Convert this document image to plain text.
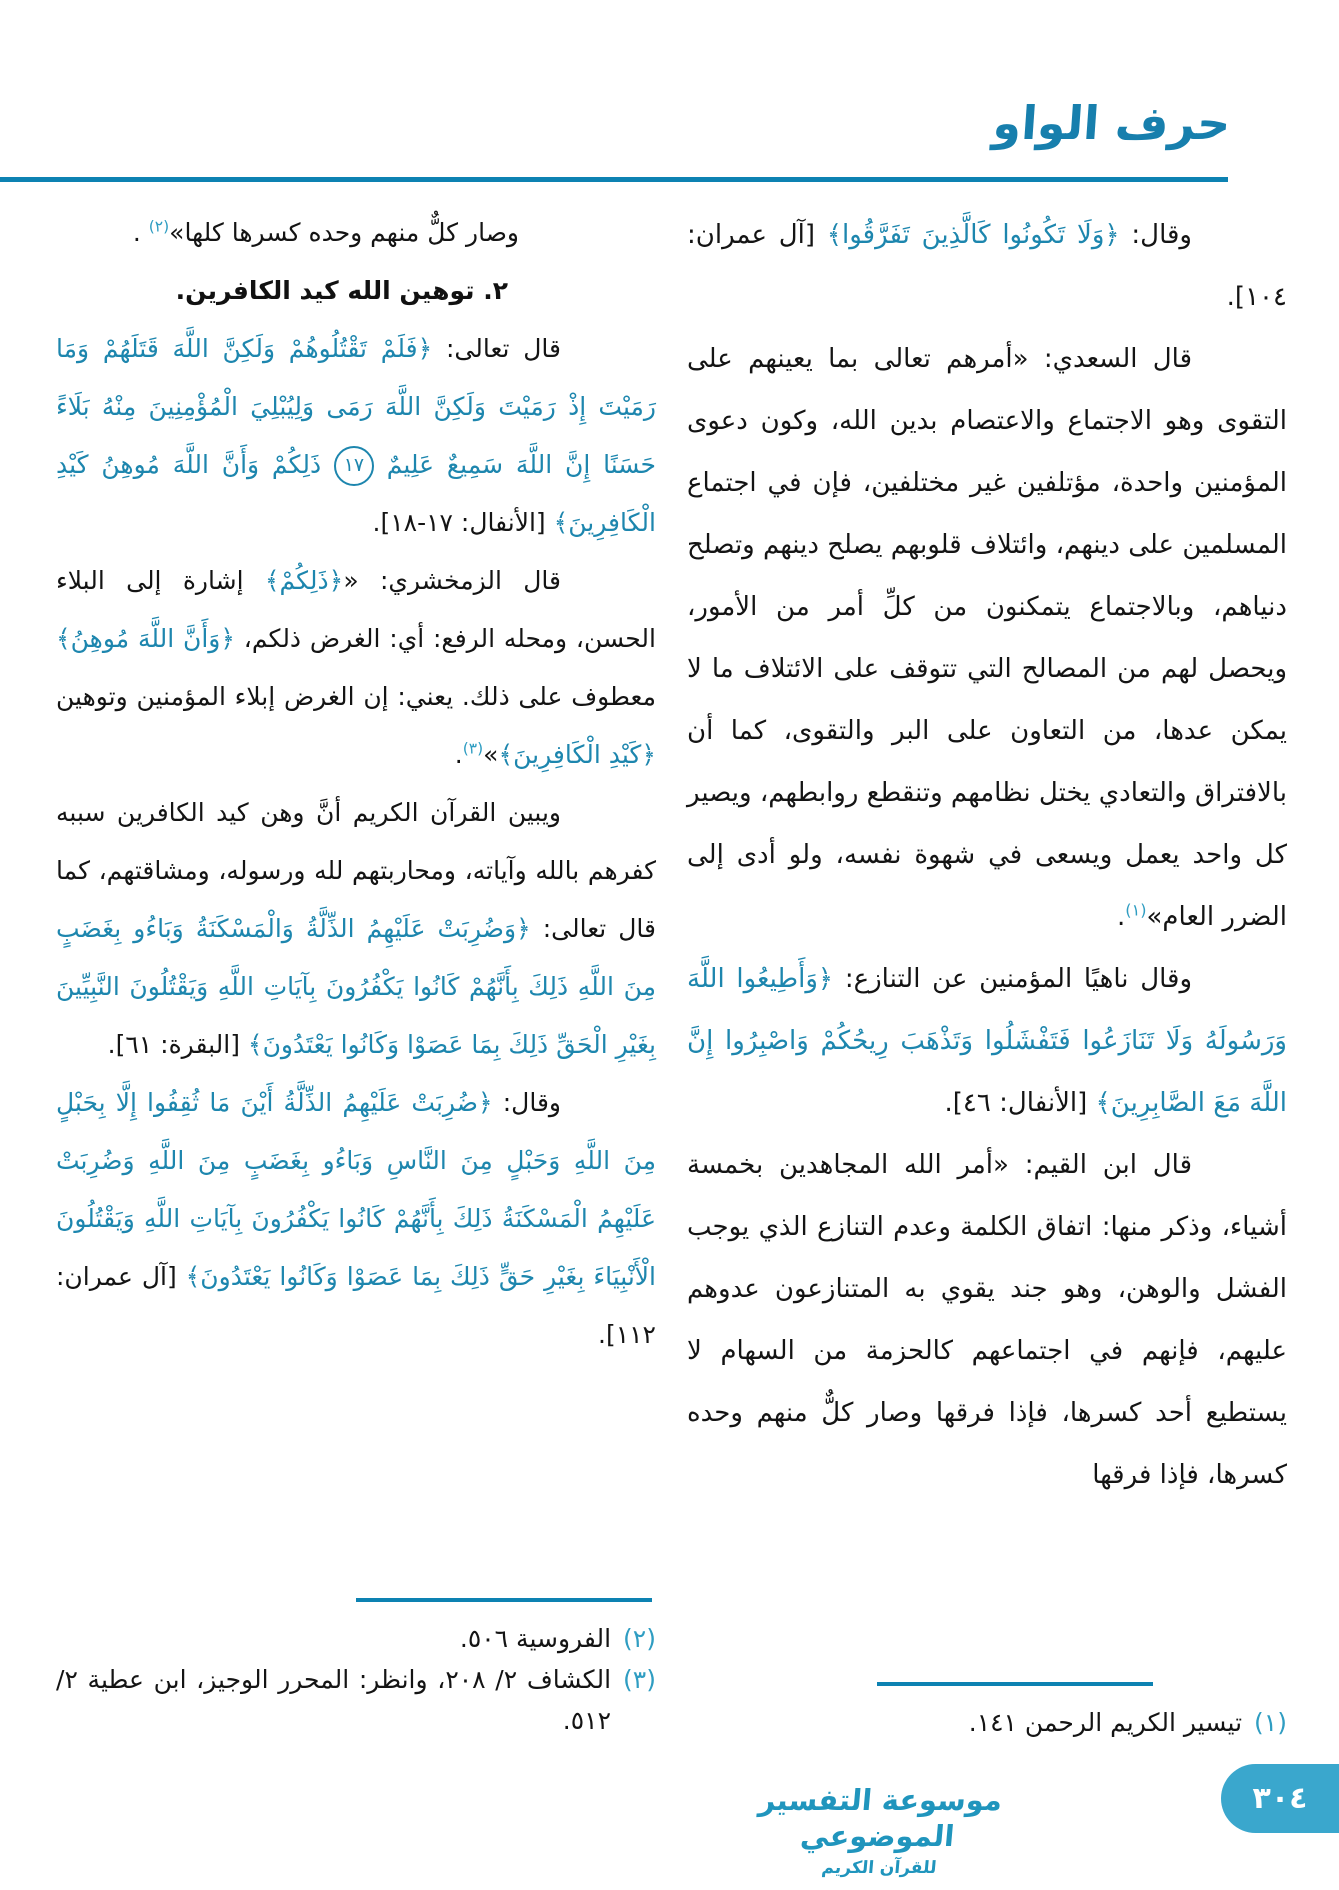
حرف الواو

وقال: ﴿وَلَا تَكُونُوا كَالَّذِينَ تَفَرَّقُوا﴾ [آل عمران: ١٠٤].

قال السعدي: «أمرهم تعالى بما يعينهم على التقوى وهو الاجتماع والاعتصام بدين الله، وكون دعوى المؤمنين واحدة، مؤتلفين غير مختلفين، فإن في اجتماع المسلمين على دينهم، وائتلاف قلوبهم يصلح دينهم وتصلح دنياهم، وبالاجتماع يتمكنون من كلِّ أمر من الأمور، ويحصل لهم من المصالح التي تتوقف على الائتلاف ما لا يمكن عدها، من التعاون على البر والتقوى، كما أن بالافتراق والتعادي يختل نظامهم وتنقطع روابطهم، ويصير كل واحد يعمل ويسعى في شهوة نفسه، ولو أدى إلى الضرر العام»$^{(١)}$.

وقال ناهيًا المؤمنين عن التنازع: ﴿وَأَطِيعُوا اللَّهَ وَرَسُولَهُ وَلَا تَنَازَعُوا فَتَفْشَلُوا وَتَذْهَبَ رِيحُكُمْ وَاصْبِرُوا إِنَّ اللَّهَ مَعَ الصَّابِرِينَ﴾ [الأنفال: ٤٦].

قال ابن القيم: «أمر الله المجاهدين بخمسة أشياء، وذكر منها: اتفاق الكلمة وعدم التنازع الذي يوجب الفشل والوهن، وهو جند يقوي به المتنازعون عدوهم عليهم، فإنهم في اجتماعهم كالحزمة من السهام لا يستطيع أحد كسرها، فإذا فرقها وصار كلٌّ منهم وحده كسرها، فإذا فرقها

وصار كلٌّ منهم وحده كسرها كلها»$^{(٢)}$ .

٢. توهين الله كيد الكافرين.

قال تعالى: ﴿فَلَمْ تَقْتُلُوهُمْ وَلَكِنَّ اللَّهَ قَتَلَهُمْ وَمَا رَمَيْتَ إِذْ رَمَيْتَ وَلَكِنَّ اللَّهَ رَمَى وَلِيُبْلِيَ الْمُؤْمِنِينَ مِنْهُ بَلَاءً حَسَنًا إِنَّ اللَّهَ سَمِيعٌ عَلِيمٌ ١٧ ذَلِكُمْ وَأَنَّ اللَّهَ مُوهِنُ كَيْدِ الْكَافِرِينَ﴾ [الأنفال: ١٧-١٨].

قال الزمخشري: «﴿ذَلِكُمْ﴾ إشارة إلى البلاء الحسن، ومحله الرفع: أي: الغرض ذلكم، ﴿وَأَنَّ اللَّهَ مُوهِنُ﴾ معطوف على ذلك. يعني: إن الغرض إبلاء المؤمنين وتوهين ﴿كَيْدِ الْكَافِرِينَ﴾»$^{(٣)}$.

ويبين القرآن الكريم أنَّ وهن كيد الكافرين سببه كفرهم بالله وآياته، ومحاربتهم لله ورسوله، ومشاقتهم، كما قال تعالى: ﴿وَضُرِبَتْ عَلَيْهِمُ الذِّلَّةُ وَالْمَسْكَنَةُ وَبَاءُو بِغَضَبٍ مِنَ اللَّهِ ذَلِكَ بِأَنَّهُمْ كَانُوا يَكْفُرُونَ بِآيَاتِ اللَّهِ وَيَقْتُلُونَ النَّبِيِّينَ بِغَيْرِ الْحَقِّ ذَلِكَ بِمَا عَصَوْا وَكَانُوا يَعْتَدُونَ﴾ [البقرة: ٦١].

وقال: ﴿ضُرِبَتْ عَلَيْهِمُ الذِّلَّةُ أَيْنَ مَا ثُقِفُوا إِلَّا بِحَبْلٍ مِنَ اللَّهِ وَحَبْلٍ مِنَ النَّاسِ وَبَاءُو بِغَضَبٍ مِنَ اللَّهِ وَضُرِبَتْ عَلَيْهِمُ الْمَسْكَنَةُ ذَلِكَ بِأَنَّهُمْ كَانُوا يَكْفُرُونَ بِآيَاتِ اللَّهِ وَيَقْتُلُونَ الْأَنْبِيَاءَ بِغَيْرِ حَقٍّ ذَلِكَ بِمَا عَصَوْا وَكَانُوا يَعْتَدُونَ﴾ [آل عمران: ١١٢].

(١)
تيسير الكريم الرحمن ١٤١.
(٢)
الفروسية ٥٠٦.
(٣)
الكشاف ٢/ ٢٠٨، وانظر: المحرر الوجيز، ابن عطية ٢/ ٥١٢.
موسوعة التفسير الموضوعي
للقرآن الكريم
٣٠٤
